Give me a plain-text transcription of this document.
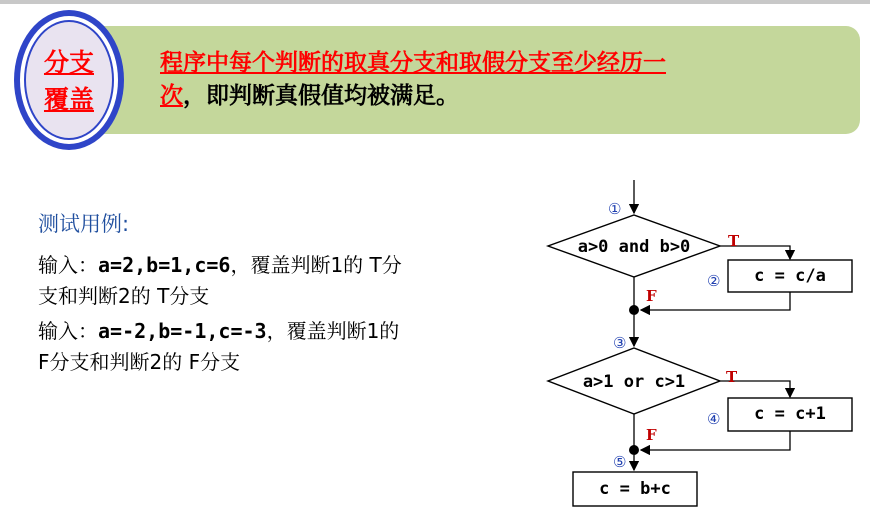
程序中每个判断的取真分支和取假分支至少经历一
次，即判断真假值均被满足。
分支
覆盖
测试用例:
输入：a=2,b=1,c=6，覆盖判断1的 T分支和判断2的 T分支
输入：a=-2,b=-1,c=-3，覆盖判断1的 F分支和判断2的 F分支
①
a>0 and b>0	T
② c = c/a
F
③
a>1 or c>1	T
④ c = c+1
F
⑤
c = b+c
